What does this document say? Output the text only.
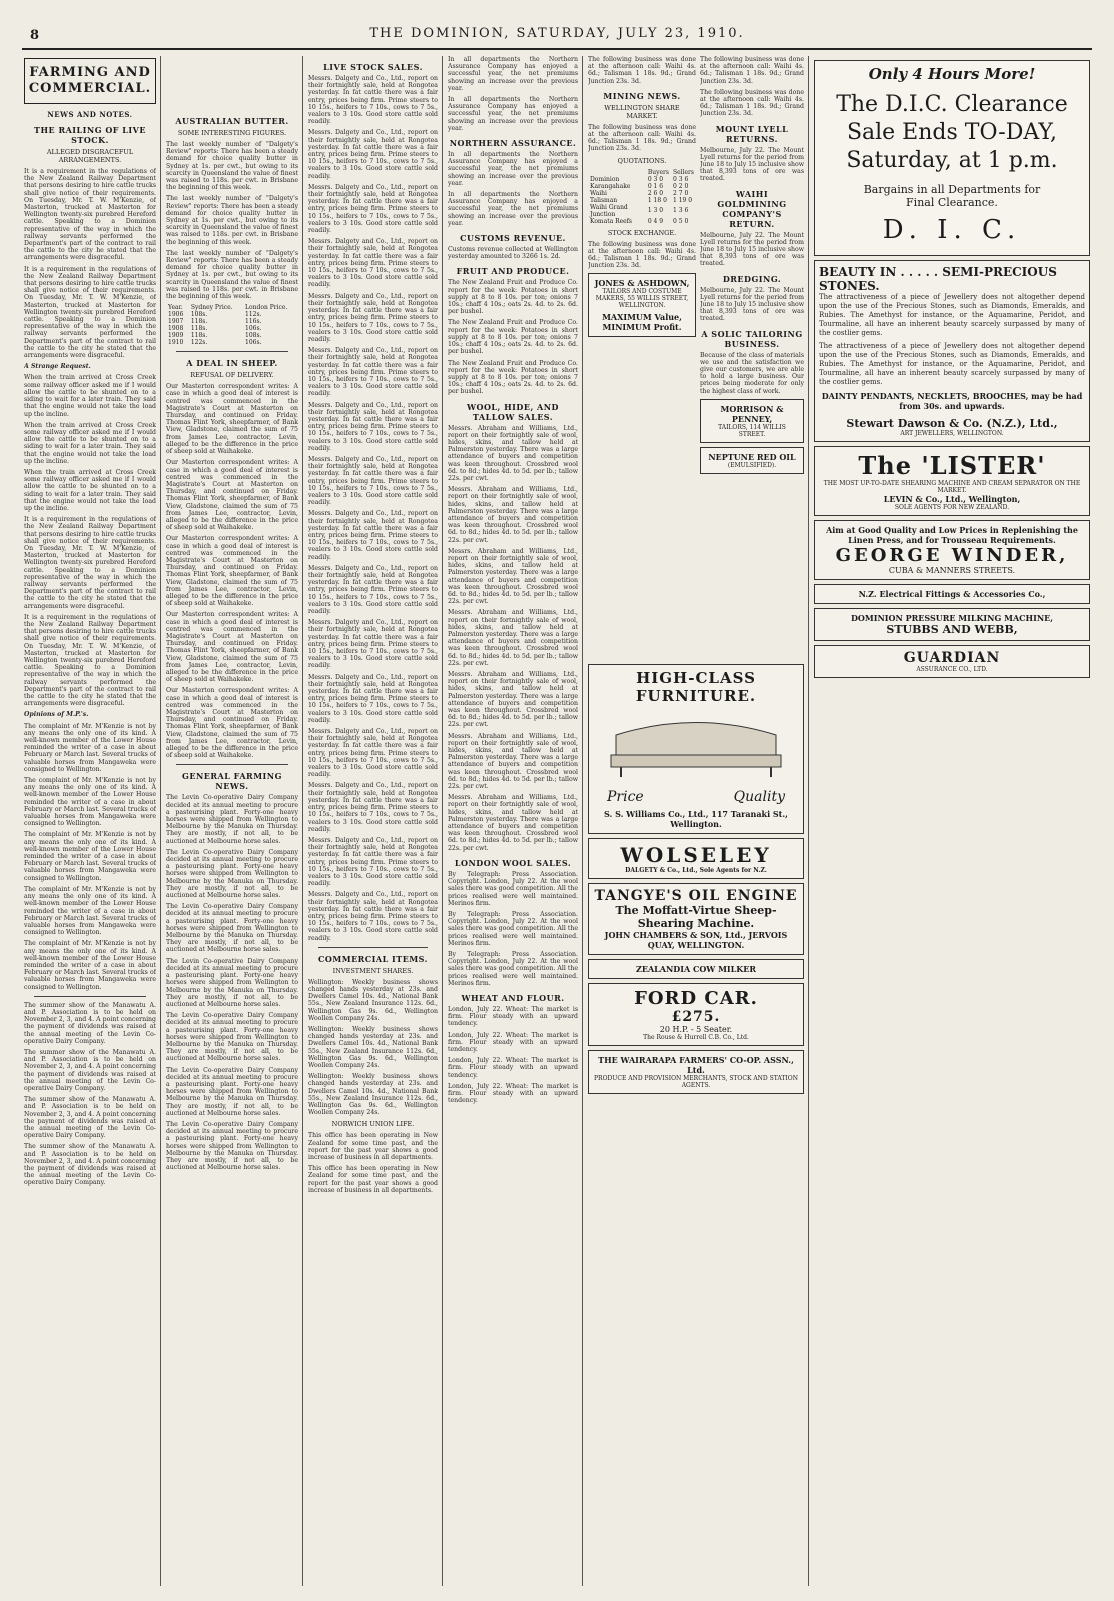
8	THE DOMINION, SATURDAY, JULY 23, 1910.
FARMING AND COMMERCIAL.
NEWS AND NOTES.
THE RAILING OF LIVE STOCK.
ALLEGED DISGRACEFUL ARRANGEMENTS.

It is a requirement in the regulations of the New Zealand Railway Department that persons desiring to hire cattle trucks shall give notice of their requirements. On Tuesday, Mr. T. W. M'Kenzie, of Masterton, trucked at Masterton for Wellington twenty-six purebred Hereford cattle. Speaking to a Dominion representative of the way in which the railway servants performed the Department's part of the contract to rail the cattle to the city he stated that the arrangements were disgraceful.

It is a requirement in the regulations of the New Zealand Railway Department that persons desiring to hire cattle trucks shall give notice of their requirements. On Tuesday, Mr. T. W. M'Kenzie, of Masterton, trucked at Masterton for Wellington twenty-six purebred Hereford cattle. Speaking to a Dominion representative of the way in which the railway servants performed the Department's part of the contract to rail the cattle to the city he stated that the arrangements were disgraceful.

A Strange Request.

When the train arrived at Cross Creek some railway officer asked me if I would allow the cattle to be shunted on to a siding to wait for a later train. They said that the engine would not take the load up the incline.

When the train arrived at Cross Creek some railway officer asked me if I would allow the cattle to be shunted on to a siding to wait for a later train. They said that the engine would not take the load up the incline.

When the train arrived at Cross Creek some railway officer asked me if I would allow the cattle to be shunted on to a siding to wait for a later train. They said that the engine would not take the load up the incline.

It is a requirement in the regulations of the New Zealand Railway Department that persons desiring to hire cattle trucks shall give notice of their requirements. On Tuesday, Mr. T. W. M'Kenzie, of Masterton, trucked at Masterton for Wellington twenty-six purebred Hereford cattle. Speaking to a Dominion representative of the way in which the railway servants performed the Department's part of the contract to rail the cattle to the city he stated that the arrangements were disgraceful.

It is a requirement in the regulations of the New Zealand Railway Department that persons desiring to hire cattle trucks shall give notice of their requirements. On Tuesday, Mr. T. W. M'Kenzie, of Masterton, trucked at Masterton for Wellington twenty-six purebred Hereford cattle. Speaking to a Dominion representative of the way in which the railway servants performed the Department's part of the contract to rail the cattle to the city he stated that the arrangements were disgraceful.

Opinions of M.P.'s.

The complaint of Mr. M'Kenzie is not by any means the only one of its kind. A well-known member of the Lower House reminded the writer of a case in about February or March last. Several trucks of valuable horses from Mangaweka were consigned to Wellington.

The complaint of Mr. M'Kenzie is not by any means the only one of its kind. A well-known member of the Lower House reminded the writer of a case in about February or March last. Several trucks of valuable horses from Mangaweka were consigned to Wellington.

The complaint of Mr. M'Kenzie is not by any means the only one of its kind. A well-known member of the Lower House reminded the writer of a case in about February or March last. Several trucks of valuable horses from Mangaweka were consigned to Wellington.

The complaint of Mr. M'Kenzie is not by any means the only one of its kind. A well-known member of the Lower House reminded the writer of a case in about February or March last. Several trucks of valuable horses from Mangaweka were consigned to Wellington.

The complaint of Mr. M'Kenzie is not by any means the only one of its kind. A well-known member of the Lower House reminded the writer of a case in about February or March last. Several trucks of valuable horses from Mangaweka were consigned to Wellington.

The summer show of the Manawatu A. and P. Association is to be held on November 2, 3, and 4. A point concerning the payment of dividends was raised at the annual meeting of the Levin Co-operative Dairy Company.

The summer show of the Manawatu A. and P. Association is to be held on November 2, 3, and 4. A point concerning the payment of dividends was raised at the annual meeting of the Levin Co-operative Dairy Company.

The summer show of the Manawatu A. and P. Association is to be held on November 2, 3, and 4. A point concerning the payment of dividends was raised at the annual meeting of the Levin Co-operative Dairy Company.

The summer show of the Manawatu A. and P. Association is to be held on November 2, 3, and 4. A point concerning the payment of dividends was raised at the annual meeting of the Levin Co-operative Dairy Company.

AUSTRALIAN BUTTER.
SOME INTERESTING FIGURES.

The last weekly number of "Dalgety's Review" reports: There has been a steady demand for choice quality butter in Sydney at 1s. per cwt., but owing to its scarcity in Queensland the value of finest was raised to 118s. per cwt. in Brisbane the beginning of this week.

The last weekly number of "Dalgety's Review" reports: There has been a steady demand for choice quality butter in Sydney at 1s. per cwt., but owing to its scarcity in Queensland the value of finest was raised to 118s. per cwt. in Brisbane the beginning of this week.

The last weekly number of "Dalgety's Review" reports: There has been a steady demand for choice quality butter in Sydney at 1s. per cwt., but owing to its scarcity in Queensland the value of finest was raised to 118s. per cwt. in Brisbane the beginning of this week.

Year.	Sydney Price.	London Price.
1906	108s.	112s.
1907	118s.	116s.
1908	118s.	106s.
1909	118s.	108s.
1910	122s.	106s.
A DEAL IN SHEEP.
REFUSAL OF DELIVERY.

Our Masterton correspondent writes: A case in which a good deal of interest is centred was commenced in the Magistrate's Court at Masterton on Thursday, and continued on Friday. Thomas Flint York, sheepfarmer, of Bank View, Gladstone, claimed the sum of 75 from James Lee, contractor, Levin, alleged to be the difference in the price of sheep sold at Waihakeke.

Our Masterton correspondent writes: A case in which a good deal of interest is centred was commenced in the Magistrate's Court at Masterton on Thursday, and continued on Friday. Thomas Flint York, sheepfarmer, of Bank View, Gladstone, claimed the sum of 75 from James Lee, contractor, Levin, alleged to be the difference in the price of sheep sold at Waihakeke.

Our Masterton correspondent writes: A case in which a good deal of interest is centred was commenced in the Magistrate's Court at Masterton on Thursday, and continued on Friday. Thomas Flint York, sheepfarmer, of Bank View, Gladstone, claimed the sum of 75 from James Lee, contractor, Levin, alleged to be the difference in the price of sheep sold at Waihakeke.

Our Masterton correspondent writes: A case in which a good deal of interest is centred was commenced in the Magistrate's Court at Masterton on Thursday, and continued on Friday. Thomas Flint York, sheepfarmer, of Bank View, Gladstone, claimed the sum of 75 from James Lee, contractor, Levin, alleged to be the difference in the price of sheep sold at Waihakeke.

Our Masterton correspondent writes: A case in which a good deal of interest is centred was commenced in the Magistrate's Court at Masterton on Thursday, and continued on Friday. Thomas Flint York, sheepfarmer, of Bank View, Gladstone, claimed the sum of 75 from James Lee, contractor, Levin, alleged to be the difference in the price of sheep sold at Waihakeke.

GENERAL FARMING NEWS.

The Levin Co-operative Dairy Company decided at its annual meeting to procure a pasteurising plant. Forty-one heavy horses were shipped from Wellington to Melbourne by the Manuka on Thursday. They are mostly, if not all, to be auctioned at Melbourne horse sales.

The Levin Co-operative Dairy Company decided at its annual meeting to procure a pasteurising plant. Forty-one heavy horses were shipped from Wellington to Melbourne by the Manuka on Thursday. They are mostly, if not all, to be auctioned at Melbourne horse sales.

The Levin Co-operative Dairy Company decided at its annual meeting to procure a pasteurising plant. Forty-one heavy horses were shipped from Wellington to Melbourne by the Manuka on Thursday. They are mostly, if not all, to be auctioned at Melbourne horse sales.

The Levin Co-operative Dairy Company decided at its annual meeting to procure a pasteurising plant. Forty-one heavy horses were shipped from Wellington to Melbourne by the Manuka on Thursday. They are mostly, if not all, to be auctioned at Melbourne horse sales.

The Levin Co-operative Dairy Company decided at its annual meeting to procure a pasteurising plant. Forty-one heavy horses were shipped from Wellington to Melbourne by the Manuka on Thursday. They are mostly, if not all, to be auctioned at Melbourne horse sales.

The Levin Co-operative Dairy Company decided at its annual meeting to procure a pasteurising plant. Forty-one heavy horses were shipped from Wellington to Melbourne by the Manuka on Thursday. They are mostly, if not all, to be auctioned at Melbourne horse sales.

The Levin Co-operative Dairy Company decided at its annual meeting to procure a pasteurising plant. Forty-one heavy horses were shipped from Wellington to Melbourne by the Manuka on Thursday. They are mostly, if not all, to be auctioned at Melbourne horse sales.

LIVE STOCK SALES.

Messrs. Dalgety and Co., Ltd., report on their fortnightly sale, held at Rongotea yesterday. In fat cattle there was a fair entry, prices being firm. Prime steers to 10 15s., heifers to 7 10s., cows to 7 5s., vealers to 3 10s. Good store cattle sold readily.

Messrs. Dalgety and Co., Ltd., report on their fortnightly sale, held at Rongotea yesterday. In fat cattle there was a fair entry, prices being firm. Prime steers to 10 15s., heifers to 7 10s., cows to 7 5s., vealers to 3 10s. Good store cattle sold readily.

Messrs. Dalgety and Co., Ltd., report on their fortnightly sale, held at Rongotea yesterday. In fat cattle there was a fair entry, prices being firm. Prime steers to 10 15s., heifers to 7 10s., cows to 7 5s., vealers to 3 10s. Good store cattle sold readily.

Messrs. Dalgety and Co., Ltd., report on their fortnightly sale, held at Rongotea yesterday. In fat cattle there was a fair entry, prices being firm. Prime steers to 10 15s., heifers to 7 10s., cows to 7 5s., vealers to 3 10s. Good store cattle sold readily.

Messrs. Dalgety and Co., Ltd., report on their fortnightly sale, held at Rongotea yesterday. In fat cattle there was a fair entry, prices being firm. Prime steers to 10 15s., heifers to 7 10s., cows to 7 5s., vealers to 3 10s. Good store cattle sold readily.

Messrs. Dalgety and Co., Ltd., report on their fortnightly sale, held at Rongotea yesterday. In fat cattle there was a fair entry, prices being firm. Prime steers to 10 15s., heifers to 7 10s., cows to 7 5s., vealers to 3 10s. Good store cattle sold readily.

Messrs. Dalgety and Co., Ltd., report on their fortnightly sale, held at Rongotea yesterday. In fat cattle there was a fair entry, prices being firm. Prime steers to 10 15s., heifers to 7 10s., cows to 7 5s., vealers to 3 10s. Good store cattle sold readily.

Messrs. Dalgety and Co., Ltd., report on their fortnightly sale, held at Rongotea yesterday. In fat cattle there was a fair entry, prices being firm. Prime steers to 10 15s., heifers to 7 10s., cows to 7 5s., vealers to 3 10s. Good store cattle sold readily.

Messrs. Dalgety and Co., Ltd., report on their fortnightly sale, held at Rongotea yesterday. In fat cattle there was a fair entry, prices being firm. Prime steers to 10 15s., heifers to 7 10s., cows to 7 5s., vealers to 3 10s. Good store cattle sold readily.

Messrs. Dalgety and Co., Ltd., report on their fortnightly sale, held at Rongotea yesterday. In fat cattle there was a fair entry, prices being firm. Prime steers to 10 15s., heifers to 7 10s., cows to 7 5s., vealers to 3 10s. Good store cattle sold readily.

Messrs. Dalgety and Co., Ltd., report on their fortnightly sale, held at Rongotea yesterday. In fat cattle there was a fair entry, prices being firm. Prime steers to 10 15s., heifers to 7 10s., cows to 7 5s., vealers to 3 10s. Good store cattle sold readily.

Messrs. Dalgety and Co., Ltd., report on their fortnightly sale, held at Rongotea yesterday. In fat cattle there was a fair entry, prices being firm. Prime steers to 10 15s., heifers to 7 10s., cows to 7 5s., vealers to 3 10s. Good store cattle sold readily.

Messrs. Dalgety and Co., Ltd., report on their fortnightly sale, held at Rongotea yesterday. In fat cattle there was a fair entry, prices being firm. Prime steers to 10 15s., heifers to 7 10s., cows to 7 5s., vealers to 3 10s. Good store cattle sold readily.

Messrs. Dalgety and Co., Ltd., report on their fortnightly sale, held at Rongotea yesterday. In fat cattle there was a fair entry, prices being firm. Prime steers to 10 15s., heifers to 7 10s., cows to 7 5s., vealers to 3 10s. Good store cattle sold readily.

Messrs. Dalgety and Co., Ltd., report on their fortnightly sale, held at Rongotea yesterday. In fat cattle there was a fair entry, prices being firm. Prime steers to 10 15s., heifers to 7 10s., cows to 7 5s., vealers to 3 10s. Good store cattle sold readily.

Messrs. Dalgety and Co., Ltd., report on their fortnightly sale, held at Rongotea yesterday. In fat cattle there was a fair entry, prices being firm. Prime steers to 10 15s., heifers to 7 10s., cows to 7 5s., vealers to 3 10s. Good store cattle sold readily.

COMMERCIAL ITEMS.
INVESTMENT SHARES.

Wellington: Weekly business shows changed hands yesterday at 23s. and Dwellers Camel 10s. 4d., National Bank 55s., New Zealand Insurance 112s. 6d., Wellington Gas 9s. 6d., Wellington Woollen Company 24s.

Wellington: Weekly business shows changed hands yesterday at 23s. and Dwellers Camel 10s. 4d., National Bank 55s., New Zealand Insurance 112s. 6d., Wellington Gas 9s. 6d., Wellington Woollen Company 24s.

Wellington: Weekly business shows changed hands yesterday at 23s. and Dwellers Camel 10s. 4d., National Bank 55s., New Zealand Insurance 112s. 6d., Wellington Gas 9s. 6d., Wellington Woollen Company 24s.

NORWICH UNION LIFE.

This office has been operating in New Zealand for some time past, and the report for the past year shows a good increase of business in all departments.

This office has been operating in New Zealand for some time past, and the report for the past year shows a good increase of business in all departments.

In all departments the Northern Assurance Company has enjoyed a successful year, the net premiums showing an increase over the previous year.

In all departments the Northern Assurance Company has enjoyed a successful year, the net premiums showing an increase over the previous year.

NORTHERN ASSURANCE.

In all departments the Northern Assurance Company has enjoyed a successful year, the net premiums showing an increase over the previous year.

In all departments the Northern Assurance Company has enjoyed a successful year, the net premiums showing an increase over the previous year.

CUSTOMS REVENUE.

Customs revenue collected at Wellington yesterday amounted to 3266 1s. 2d.

FRUIT AND PRODUCE.

The New Zealand Fruit and Produce Co. report for the week: Potatoes in short supply at 8 to 8 10s. per ton; onions 7 10s.; chaff 4 10s.; oats 2s. 4d. to 2s. 6d. per bushel.

The New Zealand Fruit and Produce Co. report for the week: Potatoes in short supply at 8 to 8 10s. per ton; onions 7 10s.; chaff 4 10s.; oats 2s. 4d. to 2s. 6d. per bushel.

The New Zealand Fruit and Produce Co. report for the week: Potatoes in short supply at 8 to 8 10s. per ton; onions 7 10s.; chaff 4 10s.; oats 2s. 4d. to 2s. 6d. per bushel.

WOOL, HIDE, AND TALLOW SALES.

Messrs. Abraham and Williams, Ltd., report on their fortnightly sale of wool, hides, skins, and tallow held at Palmerston yesterday. There was a large attendance of buyers and competition was keen throughout. Crossbred wool 6d. to 8d.; hides 4d. to 5d. per lb.; tallow 22s. per cwt.

Messrs. Abraham and Williams, Ltd., report on their fortnightly sale of wool, hides, skins, and tallow held at Palmerston yesterday. There was a large attendance of buyers and competition was keen throughout. Crossbred wool 6d. to 8d.; hides 4d. to 5d. per lb.; tallow 22s. per cwt.

Messrs. Abraham and Williams, Ltd., report on their fortnightly sale of wool, hides, skins, and tallow held at Palmerston yesterday. There was a large attendance of buyers and competition was keen throughout. Crossbred wool 6d. to 8d.; hides 4d. to 5d. per lb.; tallow 22s. per cwt.

Messrs. Abraham and Williams, Ltd., report on their fortnightly sale of wool, hides, skins, and tallow held at Palmerston yesterday. There was a large attendance of buyers and competition was keen throughout. Crossbred wool 6d. to 8d.; hides 4d. to 5d. per lb.; tallow 22s. per cwt.

Messrs. Abraham and Williams, Ltd., report on their fortnightly sale of wool, hides, skins, and tallow held at Palmerston yesterday. There was a large attendance of buyers and competition was keen throughout. Crossbred wool 6d. to 8d.; hides 4d. to 5d. per lb.; tallow 22s. per cwt.

Messrs. Abraham and Williams, Ltd., report on their fortnightly sale of wool, hides, skins, and tallow held at Palmerston yesterday. There was a large attendance of buyers and competition was keen throughout. Crossbred wool 6d. to 8d.; hides 4d. to 5d. per lb.; tallow 22s. per cwt.

Messrs. Abraham and Williams, Ltd., report on their fortnightly sale of wool, hides, skins, and tallow held at Palmerston yesterday. There was a large attendance of buyers and competition was keen throughout. Crossbred wool 6d. to 8d.; hides 4d. to 5d. per lb.; tallow 22s. per cwt.

LONDON WOOL SALES.

By Telegraph: Press Association. Copyright. London, July 22. At the wool sales there was good competition. All the prices realised were well maintained. Merinos firm.

By Telegraph: Press Association. Copyright. London, July 22. At the wool sales there was good competition. All the prices realised were well maintained. Merinos firm.

By Telegraph: Press Association. Copyright. London, July 22. At the wool sales there was good competition. All the prices realised were well maintained. Merinos firm.

WHEAT AND FLOUR.

London, July 22. Wheat: The market is firm. Flour steady with an upward tendency.

London, July 22. Wheat: The market is firm. Flour steady with an upward tendency.

London, July 22. Wheat: The market is firm. Flour steady with an upward tendency.

London, July 22. Wheat: The market is firm. Flour steady with an upward tendency.

The following business was done at the afternoon call: Waihi 4s. 6d.; Talisman 1 18s. 9d.; Grand Junction 23s. 3d.

MINING NEWS.
WELLINGTON SHARE MARKET.

The following business was done at the afternoon call: Waihi 4s. 6d.; Talisman 1 18s. 9d.; Grand Junction 23s. 3d.

QUOTATIONS.
	Buyers	Sellers
Dominion	0 3 0	0 3 6
Karangahake	0 1 6	0 2 0
Waihi	2 6 0	2 7 0
Talisman	1 18 0	1 19 0
Waihi Grand Junction	1 3 0	1 3 6
Komata Reefs	0 4 9	0 5 0
STOCK EXCHANGE.

The following business was done at the afternoon call: Waihi 4s. 6d.; Talisman 1 18s. 9d.; Grand Junction 23s. 3d.

JONES & ASHDOWN,
TAILORS AND COSTUME MAKERS, 55 WILLIS STREET, WELLINGTON.
MAXIMUM Value, MINIMUM Profit.

The following business was done at the afternoon call: Waihi 4s. 6d.; Talisman 1 18s. 9d.; Grand Junction 23s. 3d.

The following business was done at the afternoon call: Waihi 4s. 6d.; Talisman 1 18s. 9d.; Grand Junction 23s. 3d.

MOUNT LYELL RETURNS.

Melbourne, July 22. The Mount Lyell returns for the period from June 18 to July 15 inclusive show that 8,393 tons of ore was treated.

WAIHI GOLDMINING COMPANY'S RETURN.

Melbourne, July 22. The Mount Lyell returns for the period from June 18 to July 15 inclusive show that 8,393 tons of ore was treated.

DREDGING.

Melbourne, July 22. The Mount Lyell returns for the period from June 18 to July 15 inclusive show that 8,393 tons of ore was treated.

A SOLIC TAILORING BUSINESS.

Because of the class of materials we use and the satisfaction we give our customers, we are able to hold a large business. Our prices being moderate for only the highest class of work.

MORRISON & PENNEY,
TAILORS, 114 WILLIS STREET.
NEPTUNE RED OIL
(EMULSIFIED).
HIGH-CLASS FURNITURE.
Price	Quality
S. S. Williams Co., Ltd., 117 Taranaki St., Wellington.
WOLSELEY
DALGETY & Co., Ltd., Sole Agents for N.Z.
TANGYE'S OIL ENGINE
The Moffatt-Virtue Sheep-Shearing Machine.
JOHN CHAMBERS & SON, Ltd., JERVOIS QUAY, WELLINGTON.
ZEALANDIA COW MILKER
FORD CAR.
£275.
20 H.P. - 5 Seater.
The Rouse & Hurrell C.B. Co., Ltd.
THE WAIRARAPA FARMERS' CO-OP. ASSN., Ltd.
PRODUCE AND PROVISION MERCHANTS, STOCK AND STATION AGENTS.
Only 4 Hours More!
The D.I.C. Clearance Sale Ends TO-DAY, Saturday, at 1 p.m.
Bargains in all Departments for
Final Clearance.
D. I. C.
BEAUTY IN . . . . . SEMI-PRECIOUS STONES.

The attractiveness of a piece of Jewellery does not altogether depend upon the use of the Precious Stones, such as Diamonds, Emeralds, and Rubies. The Amethyst for instance, or the Aquamarine, Peridot, and Tourmaline, all have an inherent beauty scarcely surpassed by many of the costlier gems.

The attractiveness of a piece of Jewellery does not altogether depend upon the use of the Precious Stones, such as Diamonds, Emeralds, and Rubies. The Amethyst for instance, or the Aquamarine, Peridot, and Tourmaline, all have an inherent beauty scarcely surpassed by many of the costlier gems.

DAINTY PENDANTS, NECKLETS, BROOCHES, may be had from 30s. and upwards.
Stewart Dawson & Co. (N.Z.), Ltd.,
ART JEWELLERS, WELLINGTON.
The 'LISTER'
THE MOST UP-TO-DATE SHEARING MACHINE AND CREAM SEPARATOR ON THE MARKET.
LEVIN & Co., Ltd., Wellington,
SOLE AGENTS FOR NEW ZEALAND.
Aim at Good Quality and Low Prices in Replenishing the Linen Press, and for Trousseau Requirements.
GEORGE WINDER,
CUBA & MANNERS STREETS.
N.Z. Electrical Fittings & Accessories Co.,
DOMINION PRESSURE MILKING MACHINE,
STUBBS AND WEBB,
GUARDIAN
ASSURANCE CO., LTD.
